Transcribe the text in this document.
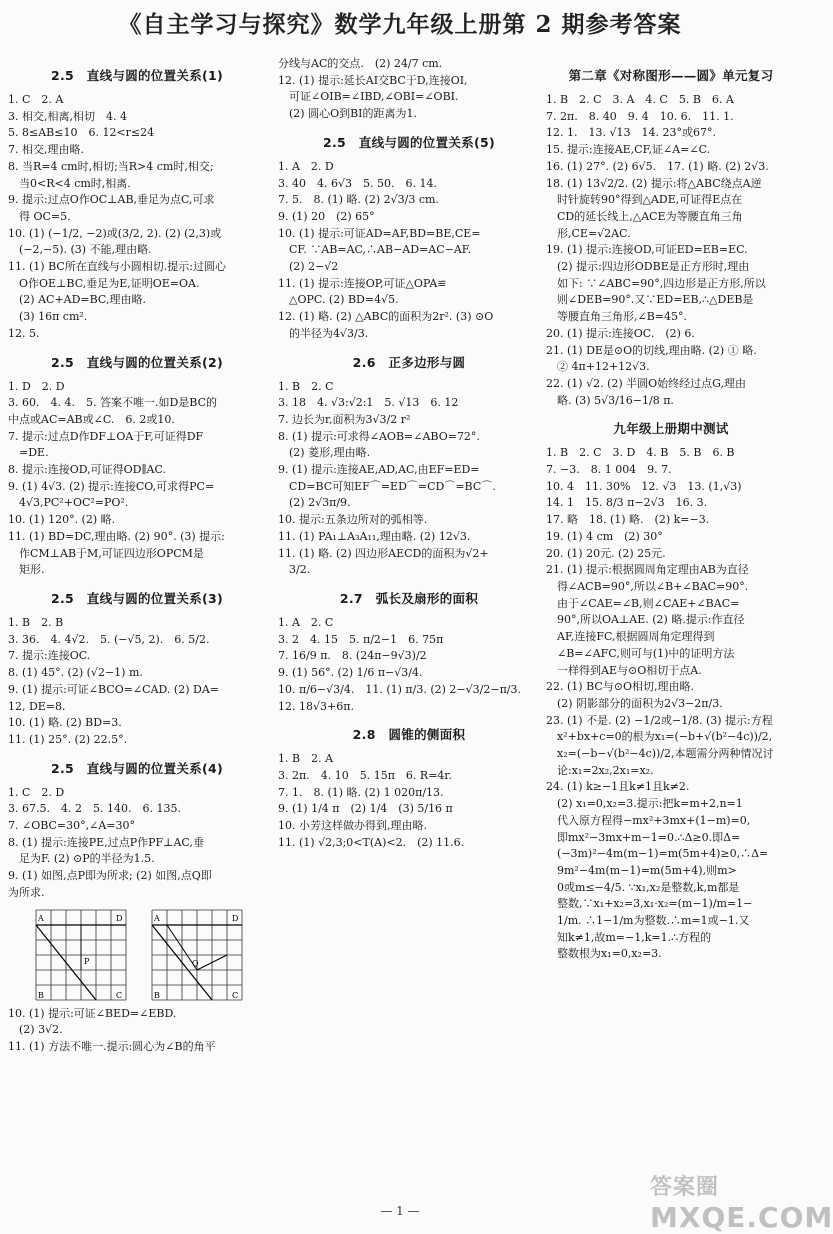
《自主学习与探究》数学九年级上册第 2 期参考答案
2.5　直线与圆的位置关系(1)
1. C　2. A
3. 相交,相离,相切　4. 4
5. 8≤AB≤10　6. 12<r≤24
7. 相交,理由略.
8. 当R=4 cm时,相切;当R>4 cm时,相交;
　当0<R<4 cm时,相离.
9. 提示:过点O作OC⊥AB,垂足为点C,可求
　得 OC=5.
10. (1) (−1/2, −2)或(3/2, 2). (2) (2,3)或
　(−2,−5). (3) 不能,理由略.
11. (1) BC所在直线与小圆相切.提示:过圆心
　O作OE⊥BC,垂足为E,证明OE=OA.
　(2) AC+AD=BC,理由略.
　(3) 16π cm².
12. 5.
2.5　直线与圆的位置关系(2)
1. D　2. D
3. 60.　4. 4.　5. 答案不唯一.如D是BC的
中点或AC=AB或∠C.　6. 2或10.
7. 提示:过点D作DF⊥OA于F,可证得DF
　=DE.
8. 提示:连接OD,可证得OD∥AC.
9. (1) 4√3. (2) 提示:连接CO,可求得PC=
　4√3,PC²+OC²=PO².
10. (1) 120°. (2) 略.
11. (1) BD=DC,理由略. (2) 90°. (3) 提示:
　作CM⊥AB于M,可证四边形OPCM是
　矩形.
2.5　直线与圆的位置关系(3)
1. B　2. B
3. 36.　4. 4√2.　5. (−√5, 2).　6. 5/2.
7. 提示:连接OC.
8. (1) 45°. (2) (√2−1) m.
9. (1) 提示:可证∠BCO=∠CAD. (2) DA=
12, DE=8.
10. (1) 略. (2) BD=3.
11. (1) 25°. (2) 22.5°.
2.5　直线与圆的位置关系(4)
1. C　2. D
3. 67.5.　4. 2　5. 140.　6. 135.
7. ∠OBC=30°,∠A=30°
8. (1) 提示:连接PE,过点P作PF⊥AC,垂
　足为F. (2) ⊙P的半径为1.5.
9. (1) 如图,点P即为所求; (2) 如图,点Q即
为所求.
P
A	D
B	C
Q
A	D
B	C
10. (1) 提示:可证∠BED=∠EBD.
　(2) 3√2.
11. (1) 方法不唯一.提示:圆心为∠B的角平
分线与AC的交点.　(2) 24/7 cm.
12. (1) 提示:延长AI交BC于D,连接OI,
　可证∠OIB=∠IBD,∠OBI=∠OBI.
　(2) 圆心O到BI的距离为1.
2.5　直线与圆的位置关系(5)
1. A　2. D
3. 40　4. 6√3　5. 50.　6. 14.
7. 5.　8. (1) 略. (2) 2√3/3 cm.
9. (1) 20　(2) 65°
10. (1) 提示:可证AD=AF,BD=BE,CE=
　CF. ∵AB=AC,∴AB−AD=AC−AF.
　(2) 2−√2
11. (1) 提示:连接OP,可证△OPA≌
　△OPC. (2) BD=4√5.
12. (1) 略. (2) △ABC的面积为2r². (3) ⊙O
　的半径为4√3/3.
2.6　正多边形与圆
1. B　2. C
3. 18　4. √3:√2:1　5. √13　6. 12
7. 边长为r,面积为3√3/2 r²
8. (1) 提示:可求得∠AOB=∠ABO=72°.
　(2) 菱形,理由略.
9. (1) 提示:连接AE,AD,AC,由EF=ED=
　CD=BC可知EF⌒=ED⌒=CD⌒=BC⌒.
　(2) 2√3π/9.
10. 提示:五条边所对的弧相等.
11. (1) PA₁⊥A₃A₁₁,理由略. (2) 12√3.
11. (1) 略. (2) 四边形AECD的面积为√2+
　3/2.
2.7　弧长及扇形的面积
1. A　2. C
3. 2　4. 15　5. π/2−1　6. 75π
7. 16/9 π.　8. (24π−9√3)/2
9. (1) 56°. (2) 1/6 π−√3/4.
10. π/6−√3/4.　11. (1) π/3. (2) 2−√3/2−π/3.
12. 18√3+6π.
2.8　圆锥的侧面积
1. B　2. A
3. 2π.　4. 10　5. 15π　6. R=4r.
7. 1.　8. (1) 略. (2) 1 020π/13.
9. (1) 1/4 π　(2) 1/4　(3) 5/16 π
10. 小芳这样做办得到,理由略.
11. (1) √2,3;0<T(A)<2.　(2) 11.6.
第二章《对称图形——圆》单元复习
1. B　2. C　3. A　4. C　5. B　6. A
7. 2π.　8. 40　9. 4　10. 6.　11. 1.
12. 1.　13. √13　14. 23°或67°.
15. 提示:连接AE,CF,证∠A=∠C.
16. (1) 27°. (2) 6√5.　17. (1) 略. (2) 2√3.
18. (1) 13√2/2. (2) 提示:将△ABC绕点A逆
　时针旋转90°得到△ADE,可证得E点在
　CD的延长线上,△ACE为等腰直角三角
　形,CE=√2AC.
19. (1) 提示:连接OD,可证ED=EB=EC.
　(2) 提示:四边形ODBE是正方形时,理由
　如下: ∵∠ABC=90°,四边形是正方形,所以
　则∠DEB=90°.又∵ED=EB,∴△DEB是
　等腰直角三角形,∠B=45°.
20. (1) 提示:连接OC.　(2) 6.
21. (1) DE是⊙O的切线,理由略. (2) ① 略.
　② 4π+12+12√3.
22. (1) √2. (2) 半圆O始终经过点G,理由
　略. (3) 5√3/16−1/8 π.
九年级上册期中测试
1. B　2. C　3. D　4. B　5. B　6. B
7. −3.　8. 1 004　9. 7.
10. 4　11. 30%　12. √3　13. (1,√3)
14. 1　15. 8/3 π−2√3　16. 3.
17. 略　18. (1) 略.　(2) k=−3.
19. (1) 4 cm　(2) 30°
20. (1) 20元. (2) 25元.
21. (1) 提示:根据圆周角定理由AB为直径
　得∠ACB=90°,所以∠B+∠BAC=90°.
　由于∠CAE=∠B,则∠CAE+∠BAC=
　90°,所以OA⊥AE. (2) 略.提示:作直径
　AF,连接FC,根据圆周角定理得到
　∠B=∠AFC,则可与(1)中的证明方法
　一样得到AE与⊙O相切于点A.
22. (1) BC与⊙O相切,理由略.
　(2) 阴影部分的面积为2√3−2π/3.
23. (1) 不是. (2) −1/2或−1/8. (3) 提示:方程
　x²+bx+c=0的根为x₁=(−b+√(b²−4c))/2,
　x₂=(−b−√(b²−4c))/2,本题需分两种情况讨
　论:x₁=2x₂,2x₁=x₂.
24. (1) k≥−1且k≠1且k≠2.
　(2) x₁=0,x₂=3.提示:把k=m+2,n=1
　代入原方程得−mx²+3mx+(1−m)=0,
　即mx²−3mx+m−1=0.∴Δ≥0.即Δ=
　(−3m)²−4m(m−1)=m(5m+4)≥0,∴Δ=
　9m²−4m(m−1)=m(5m+4),则m>
　0或m≤−4/5. ∵x₁,x₂是整数,k,m都是
　整数,∵x₁+x₂=3,x₁·x₂=(m−1)/m=1−
　1/m. ∴1−1/m为整数.∴m=1或−1.又
　知k≠1,故m=−1,k=1.∴方程的
　整数根为x₁=0,x₂=3.
— 1 —
答案圈
MXQE.COM
